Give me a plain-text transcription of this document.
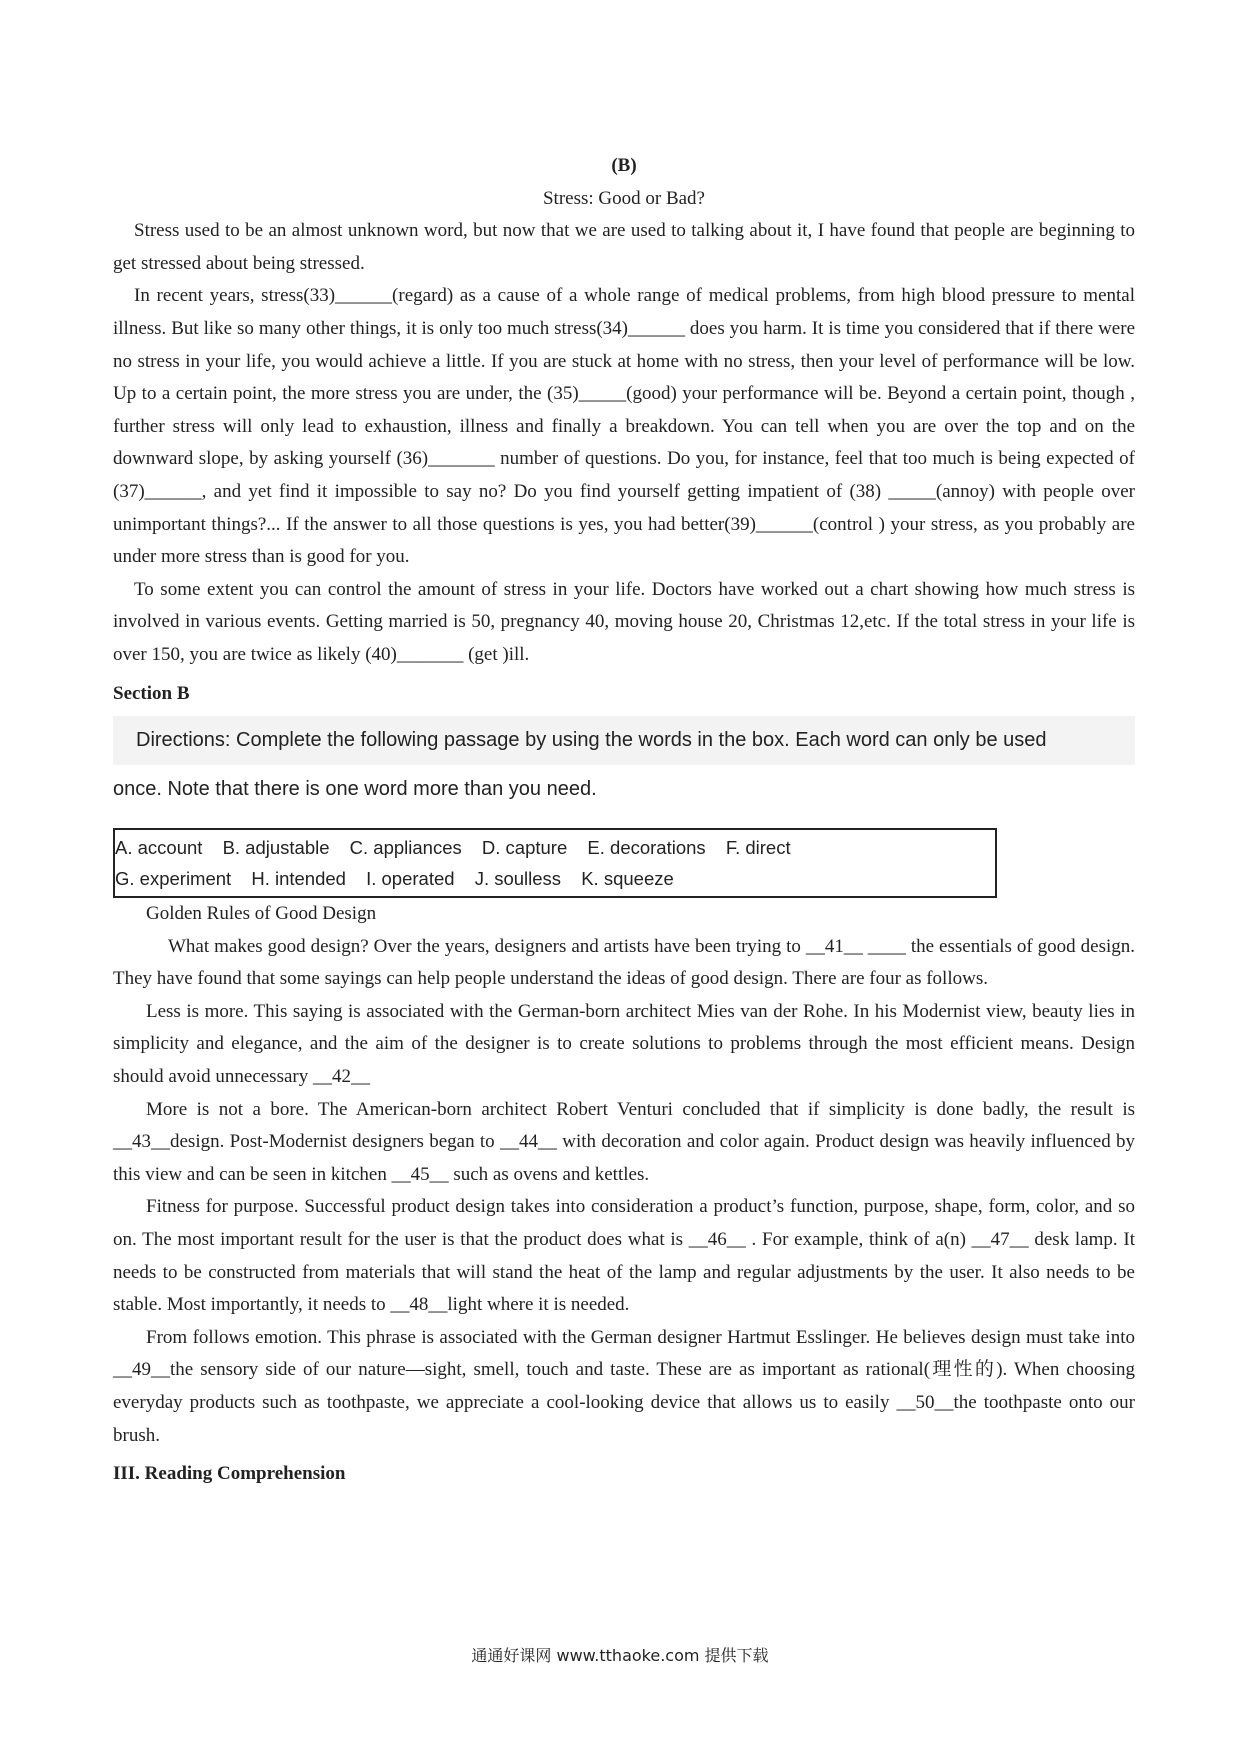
(B)
Stress: Good or Bad?

Stress used to be an almost unknown word, but now that we are used to talking about it, I have found that people are beginning to get stressed about being stressed.

In recent years, stress(33)______(regard) as a cause of a whole range of medical problems, from high blood pressure to mental illness. But like so many other things, it is only too much stress(34)______ does you harm. It is time you considered that if there were no stress in your life, you would achieve a little. If you are stuck at home with no stress, then your level of performance will be low. Up to a certain point, the more stress you are under, the (35)_____(good) your performance will be. Beyond a certain point, though , further stress will only lead to exhaustion, illness and finally a breakdown. You can tell when you are over the top and on the downward slope, by asking yourself (36)_______ number of questions. Do you, for instance, feel that too much is being expected of (37)______, and yet find it impossible to say no? Do you find yourself getting impatient of (38) _____(annoy) with people over unimportant things?... If the answer to all those questions is yes, you had better(39)______(control ) your stress, as you probably are under more stress than is good for you.

To some extent you can control the amount of stress in your life. Doctors have worked out a chart showing how much stress is involved in various events. Getting married is 50, pregnancy 40, moving house 20, Christmas 12,etc. If the total stress in your life is over 150, you are twice as likely (40)_______ (get )ill.

Section B
Directions: Complete the following passage by using the words in the box. Each word can only be used
once. Note that there is one word more than you need.
A. account B. adjustable C. appliances D. capture E. decorations F. direct
G. experiment H. intended I. operated J. soulless K. squeeze
Golden Rules of Good Design

What makes good design? Over the years, designers and artists have been trying to __41__ ____ the essentials of good design. They have found that some sayings can help people understand the ideas of good design. There are four as follows.

Less is more. This saying is associated with the German-born architect Mies van der Rohe. In his Modernist view, beauty lies in simplicity and elegance, and the aim of the designer is to create solutions to problems through the most efficient means. Design should avoid unnecessary __42__

More is not a bore. The American-born architect Robert Venturi concluded that if simplicity is done badly, the result is __43__design. Post-Modernist designers began to __44__ with decoration and color again. Product design was heavily influenced by this view and can be seen in kitchen __45__ such as ovens and kettles.

Fitness for purpose. Successful product design takes into consideration a product’s function, purpose, shape, form, color, and so on. The most important result for the user is that the product does what is __46__ . For example, think of a(n) __47__ desk lamp. It needs to be constructed from materials that will stand the heat of the lamp and regular adjustments by the user. It also needs to be stable. Most importantly, it needs to __48__light where it is needed.

From follows emotion. This phrase is associated with the German designer Hartmut Esslinger. He believes design must take into __49__the sensory side of our nature—sight, smell, touch and taste. These are as important as rational(理性的). When choosing everyday products such as toothpaste, we appreciate a cool-looking device that allows us to easily __50__the toothpaste onto our brush.

III. Reading Comprehension
通通好课网 www.tthaoke.com 提供下载
